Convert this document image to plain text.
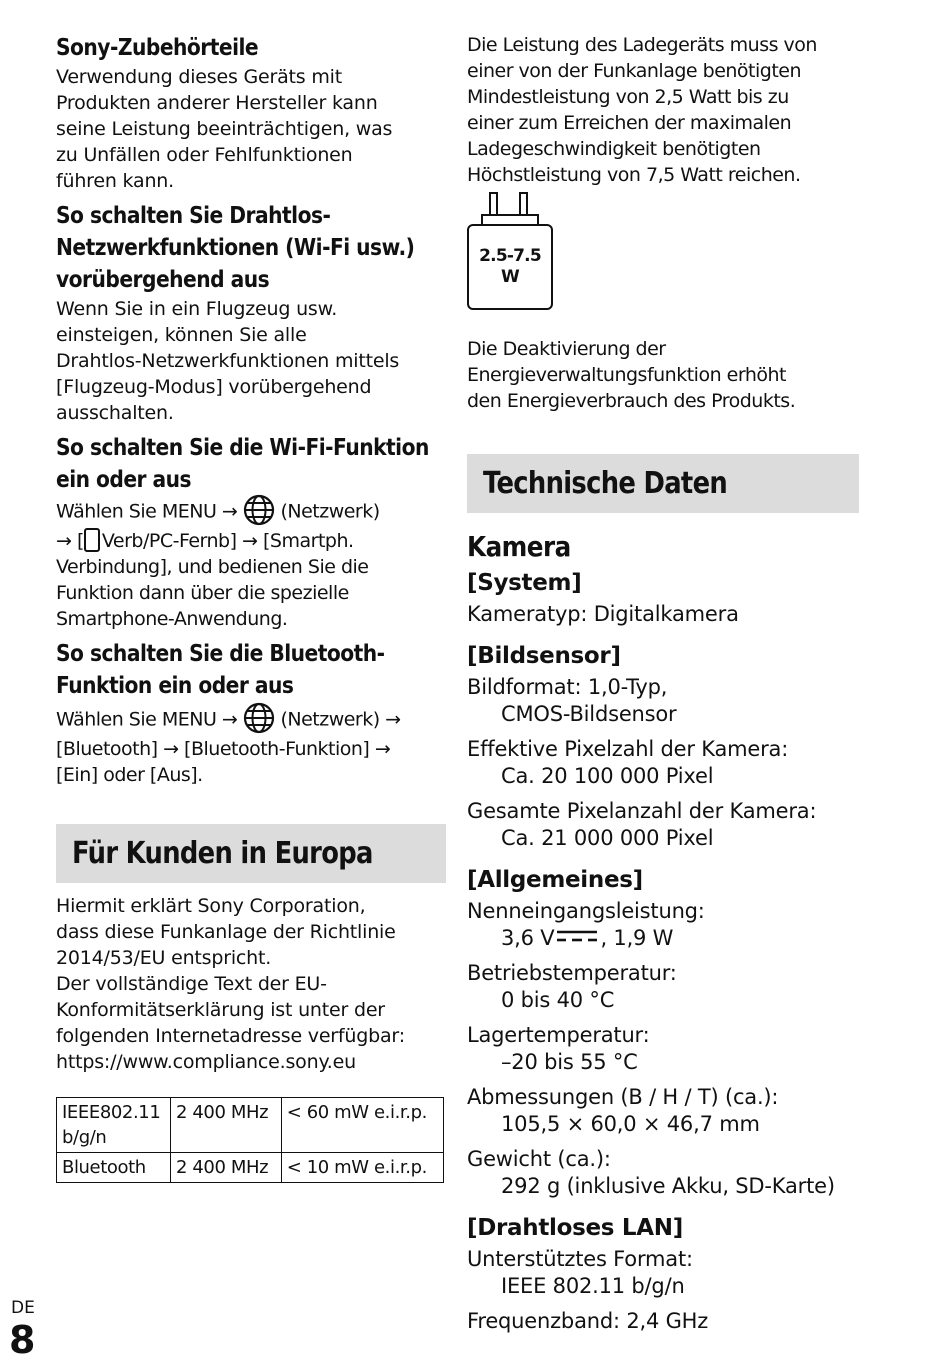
Sony-Zubehörteile
Verwendung dieses Geräts mit
Produkten anderer Hersteller kann
seine Leistung beeinträchtigen, was
zu Unfällen oder Fehlfunktionen
führen kann.
So schalten Sie Drahtlos-
Netzwerkfunktionen (Wi-Fi usw.)
vorübergehend aus
Wenn Sie in ein Flugzeug usw.
einsteigen, können Sie alle
Drahtlos-Netzwerkfunktionen mittels
[Flugzeug-Modus] vorübergehend
ausschalten.
So schalten Sie die Wi-Fi-Funktion
ein oder aus
Wählen Sie MENU → (Netzwerk)
→ [ Verb/PC-Fernb] → [Smartph.
Verbindung], und bedienen Sie die
Funktion dann über die spezielle
Smartphone-Anwendung.
So schalten Sie die Bluetooth-
Funktion ein oder aus
Wählen Sie MENU → (Netzwerk) →
[Bluetooth] → [Bluetooth-Funktion] →
[Ein] oder [Aus].
Für Kunden in Europa
Hiermit erklärt Sony Corporation,
dass diese Funkanlage der Richtlinie
2014/53/EU entspricht.
Der vollständige Text der EU-
Konformitätserklärung ist unter der
folgenden Internetadresse verfügbar:
https://www.compliance.sony.eu
IEEE802.11 b/g/n	2 400 MHz	< 60 mW e.i.r.p.
Bluetooth	2 400 MHz	< 10 mW e.i.r.p.
Die Leistung des Ladegeräts muss von
einer von der Funkanlage benötigten
Mindestleistung von 2,5 Watt bis zu
einer zum Erreichen der maximalen
Ladegeschwindigkeit benötigten
Höchstleistung von 7,5 Watt reichen.
2.5-7.5
W
Die Deaktivierung der
Energieverwaltungsfunktion erhöht
den Energieverbrauch des Produkts.
Technische Daten
Kamera
[System]
Kameratyp: Digitalkamera
[Bildsensor]
Bildformat: 1,0-Typ,
CMOS-Bildsensor
Effektive Pixelzahl der Kamera:
Ca. 20 100 000 Pixel
Gesamte Pixelanzahl der Kamera:
Ca. 21 000 000 Pixel
[Allgemeines]
Nenneingangsleistung:
3,6 V , 1,9 W
Betriebstemperatur:
0 bis 40 °C
Lagertemperatur:
–20 bis 55 °C
Abmessungen (B / H / T) (ca.):
105,5 × 60,0 × 46,7 mm
Gewicht (ca.):
292 g (inklusive Akku, SD-Karte)
[Drahtloses LAN]
Unterstütztes Format:
IEEE 802.11 b/g/n
Frequenzband: 2,4 GHz
DE
8
